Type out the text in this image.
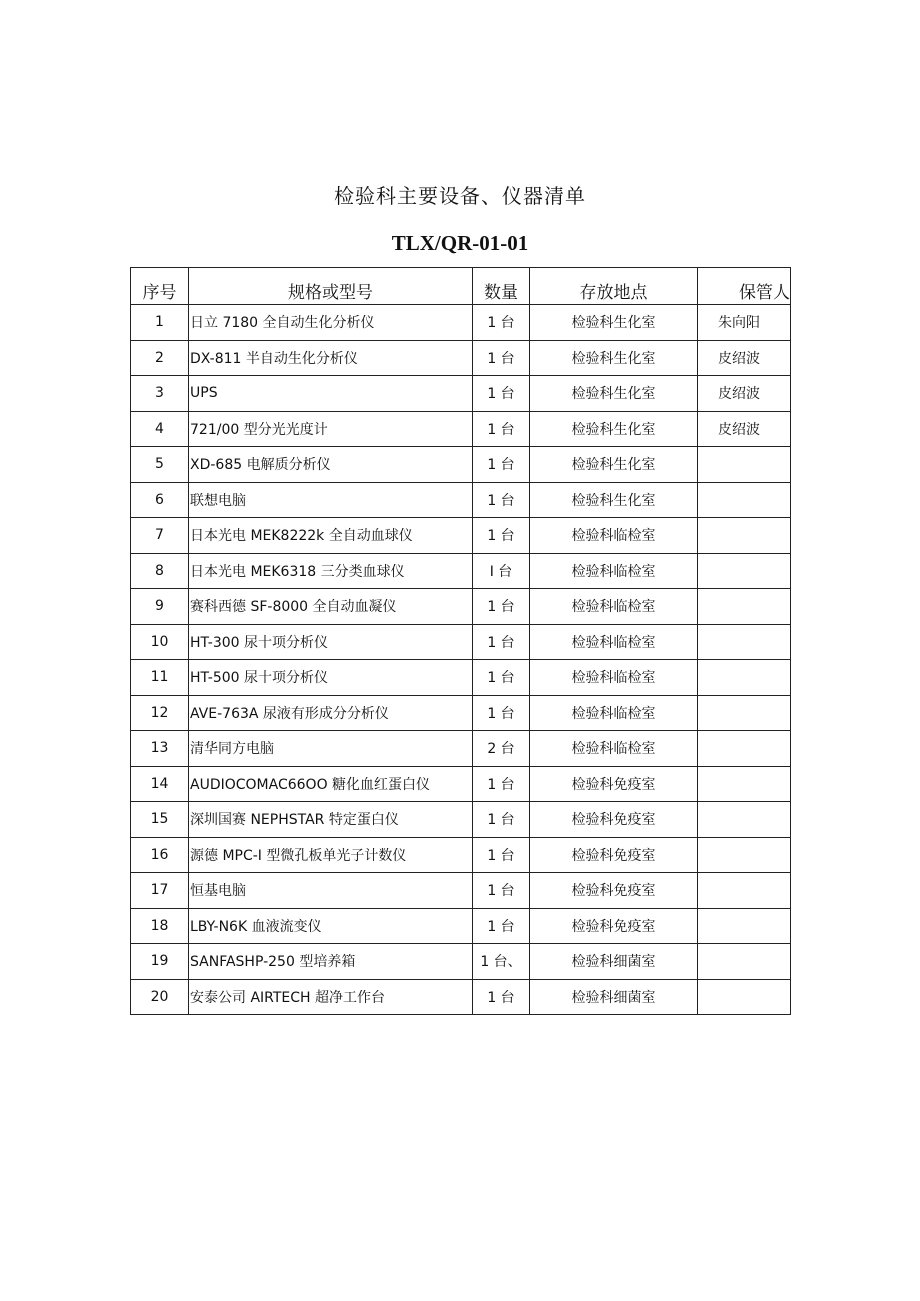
检验科主要设备、仪器清单
TLX/QR-01-01
序号	规格或型号	数量	存放地点	保管人
1	日立 7180 全自动生化分析仪	1 台	检验科生化室	朱向阳
2	DX-811 半自动生化分析仪	1 台	检验科生化室	皮绍波
3	UPS	1 台	检验科生化室	皮绍波
4	721/00 型分光光度计	1 台	检验科生化室	皮绍波
5	XD-685 电解质分析仪	1 台	检验科生化室	
6	联想电脑	1 台	检验科生化室	
7	日本光电 MEK8222k 全自动血球仪	1 台	检验科临检室	
8	日本光电 MEK6318 三分类血球仪	I 台	检验科临检室	
9	赛科西德 SF-8000 全自动血凝仪	1 台	检验科临检室	
10	HT-300 尿十项分析仪	1 台	检验科临检室	
11	HT-500 尿十项分析仪	1 台	检验科临检室	
12	AVE-763A 尿液有形成分分析仪	1 台	检验科临检室	
13	清华同方电脑	2 台	检验科临检室	
14	AUDIOCOMAC66OO 糖化血红蛋白仪	1 台	检验科免疫室	
15	深圳国赛 NEPHSTAR 特定蛋白仪	1 台	检验科免疫室	
16	源德 MPC-I 型微孔板单光子计数仪	1 台	检验科免疫室	
17	恒基电脑	1 台	检验科免疫室	
18	LBY-N6K 血液流变仪	1 台	检验科免疫室	
19	SANFASHP-250 型培养箱	1 台、	检验科细菌室	
20	安泰公司 AIRTECH 超净工作台	1 台	检验科细菌室	
